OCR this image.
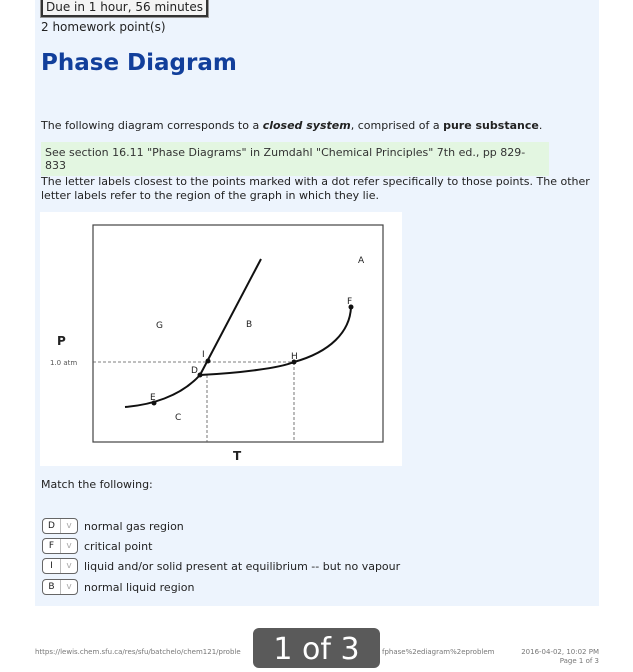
Due in 1 hour, 56 minutes
2 homework point(s)
Phase Diagram
The following diagram corresponds to a closed system, comprised of a pure substance.
See section 16.11 "Phase Diagrams" in Zumdahl "Chemical Principles" 7th ed., pp 829-833
The letter labels closest to the points marked with a dot refer specifically to those points. The other letter labels refer to the region of the graph in which they lie.
A
G	B
C
I
D
H
F
E
P
1.0 atm
T
Match the following:
D	v	normal gas region
F	v	critical point
I	v	liquid and/or solid present at equilibrium -- but no vapour
B	v	normal liquid region
https://lewis.chem.sfu.ca/res/sfu/batchelo/chem121/proble	fphase%2ediagram%2eproblem	2016-04-02, 10:02 PM
Page 1 of 3
1 of 3
